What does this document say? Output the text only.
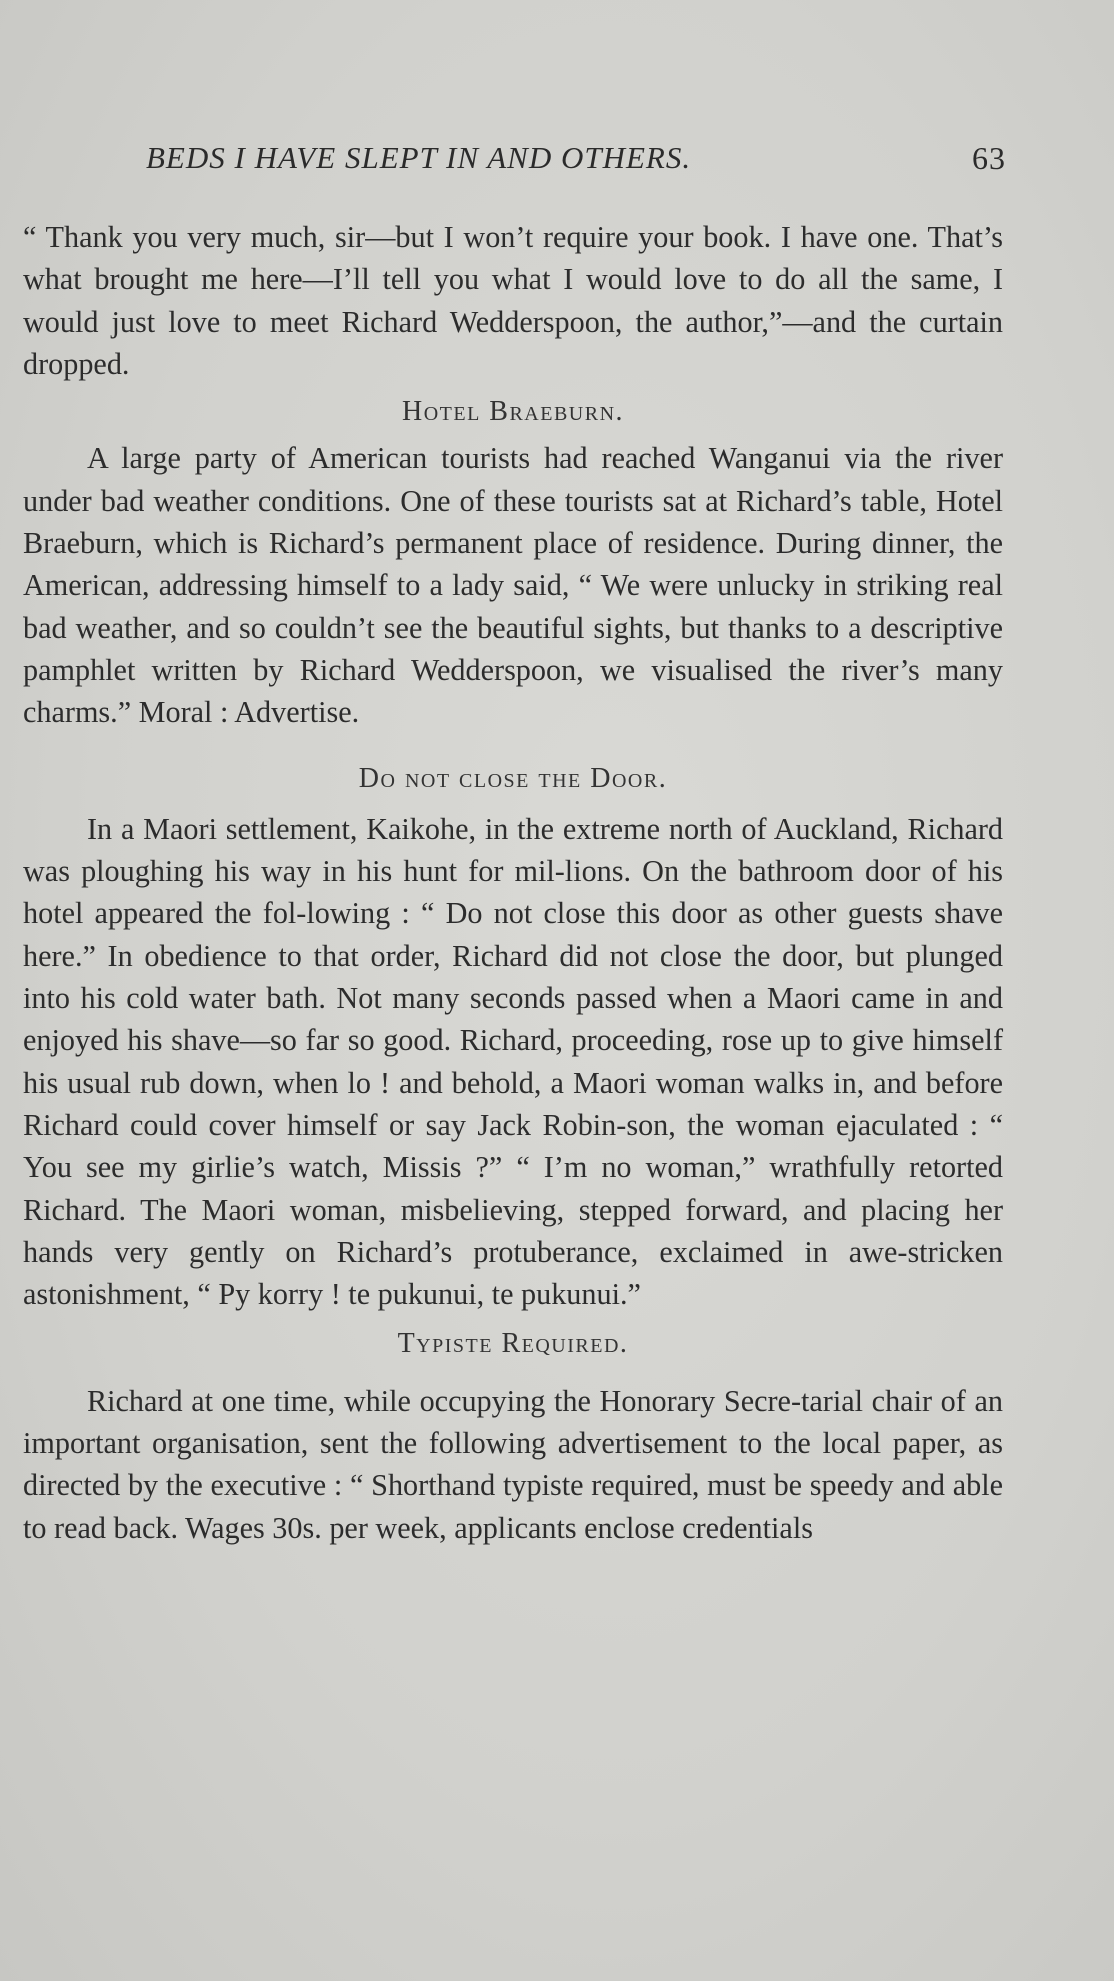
BEDS I HAVE SLEPT IN AND OTHERS.	63

“ Thank you very much, sir—but I won’t require your book. I have one. That’s what brought me here—I’ll tell you what I would love to do all the same, I would just love to meet Richard Wedderspoon, the author,”—and the curtain dropped.

Hotel Braeburn.

A large party of American tourists had reached Wanganui via the river under bad weather conditions. One of these tourists sat at Richard’s table, Hotel Braeburn, which is Richard’s permanent place of residence. During dinner, the American, addressing himself to a lady said, “ We were unlucky in striking real bad weather, and so couldn’t see the beautiful sights, but thanks to a descriptive pamphlet written by Richard Wedderspoon, we visualised the river’s many charms.” Moral : Advertise.

Do not close the Door.

In a Maori settlement, Kaikohe, in the extreme north of Auckland, Richard was ploughing his way in his hunt for mil-lions. On the bathroom door of his hotel appeared the fol-lowing : “ Do not close this door as other guests shave here.” In obedience to that order, Richard did not close the door, but plunged into his cold water bath. Not many seconds passed when a Maori came in and enjoyed his shave—so far so good. Richard, proceeding, rose up to give himself his usual rub down, when lo ! and behold, a Maori woman walks in, and before Richard could cover himself or say Jack Robin-son, the woman ejaculated : “ You see my girlie’s watch, Missis ?” “ I’m no woman,” wrathfully retorted Richard. The Maori woman, misbelieving, stepped forward, and placing her hands very gently on Richard’s protuberance, exclaimed in awe-stricken astonishment, “ Py korry ! te pukunui, te pukunui.”

Typiste Required.

Richard at one time, while occupying the Honorary Secre-tarial chair of an important organisation, sent the following advertisement to the local paper, as directed by the executive : “ Shorthand typiste required, must be speedy and able to read back. Wages 30s. per week, applicants enclose credentials
